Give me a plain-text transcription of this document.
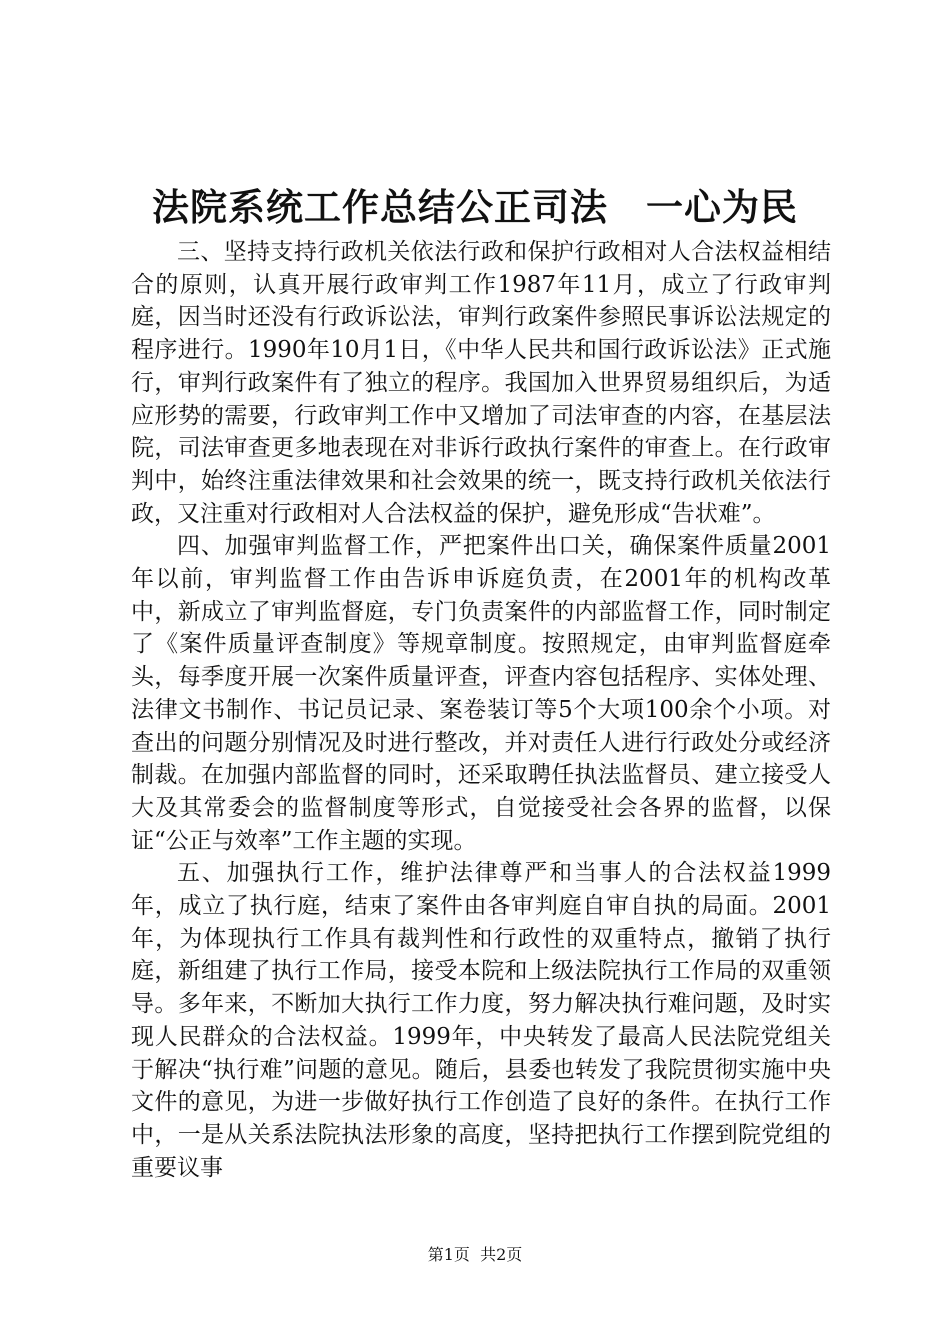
法院系统工作总结公正司法　一心为民

三、坚持支持行政机关依法行政和保护行政相对人合法权益相结合的原则，认真开展行政审判工作1987年11月，成立了行政审判庭，因当时还没有行政诉讼法，审判行政案件参照民事诉讼法规定的程序进行。1990年10月1日，《中华人民共和国行政诉讼法》正式施行，审判行政案件有了独立的程序。我国加入世界贸易组织后，为适应形势的需要，行政审判工作中又增加了司法审查的内容，在基层法院，司法审查更多地表现在对非诉行政执行案件的审查上。在行政审判中，始终注重法律效果和社会效果的统一，既支持行政机关依法行政，又注重对行政相对人合法权益的保护，避免形成“告状难”。

四、加强审判监督工作，严把案件出口关，确保案件质量2001年以前，审判监督工作由告诉申诉庭负责，在2001年的机构改革中，新成立了审判监督庭，专门负责案件的内部监督工作，同时制定了《案件质量评查制度》等规章制度。按照规定，由审判监督庭牵头，每季度开展一次案件质量评查，评查内容包括程序、实体处理、法律文书制作、书记员记录、案卷装订等5个大项100余个小项。对查出的问题分别情况及时进行整改，并对责任人进行行政处分或经济制裁。在加强内部监督的同时，还采取聘任执法监督员、建立接受人大及其常委会的监督制度等形式，自觉接受社会各界的监督，以保证“公正与效率”工作主题的实现。

五、加强执行工作，维护法律尊严和当事人的合法权益1999年，成立了执行庭，结束了案件由各审判庭自审自执的局面。2001年，为体现执行工作具有裁判性和行政性的双重特点，撤销了执行庭，新组建了执行工作局，接受本院和上级法院执行工作局的双重领导。多年来，不断加大执行工作力度，努力解决执行难问题，及时实现人民群众的合法权益。1999年，中央转发了最高人民法院党组关于解决“执行难”问题的意见。随后，县委也转发了我院贯彻实施中央文件的意见，为进一步做好执行工作创造了良好的条件。在执行工作中，一是从关系法院执法形象的高度，坚持把执行工作摆到院党组的重要议事

第1页  共2页
